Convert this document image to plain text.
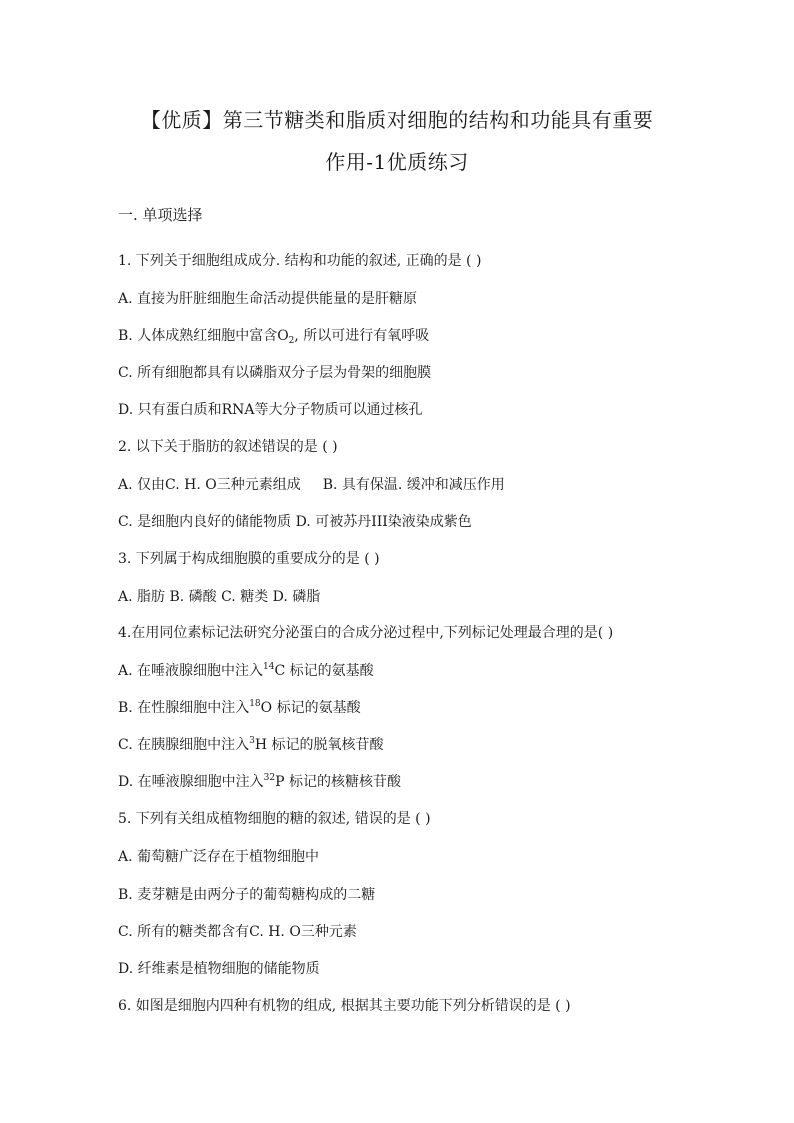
【优质】第三节糖类和脂质对细胞的结构和功能具有重要
作用-1优质练习
一. 单项选择
1. 下列关于细胞组成成分. 结构和功能的叙述, 正确的是 ( )
A. 直接为肝脏细胞生命活动提供能量的是肝糖原
B. 人体成熟红细胞中富含$O_2$, 所以可进行有氧呼吸
C. 所有细胞都具有以磷脂双分子层为骨架的细胞膜
D. 只有蛋白质和RNA等大分子物质可以通过核孔
2. 以下关于脂肪的叙述错误的是 ( )
A. 仅由C. H. O三种元素组成 B. 具有保温. 缓冲和减压作用
C. 是细胞内良好的储能物质 D. 可被苏丹III染液染成紫色
3. 下列属于构成细胞膜的重要成分的是 ( )
A. 脂肪 B. 磷酸 C. 糖类 D. 磷脂
4.在用同位素标记法研究分泌蛋白的合成分泌过程中,下列标记处理最合理的是( )
A. 在唾液腺细胞中注入$^{14}$C 标记的氨基酸
B. 在性腺细胞中注入$^{18}$O 标记的氨基酸
C. 在胰腺细胞中注入$^3$H 标记的脱氧核苷酸
D. 在唾液腺细胞中注入$^{32}$P 标记的核糖核苷酸
5. 下列有关组成植物细胞的糖的叙述, 错误的是 ( )
A. 葡萄糖广泛存在于植物细胞中
B. 麦芽糖是由两分子的葡萄糖构成的二糖
C. 所有的糖类都含有C. H. O三种元素
D. 纤维素是植物细胞的储能物质
6. 如图是细胞内四种有机物的组成, 根据其主要功能下列分析错误的是 ( )
